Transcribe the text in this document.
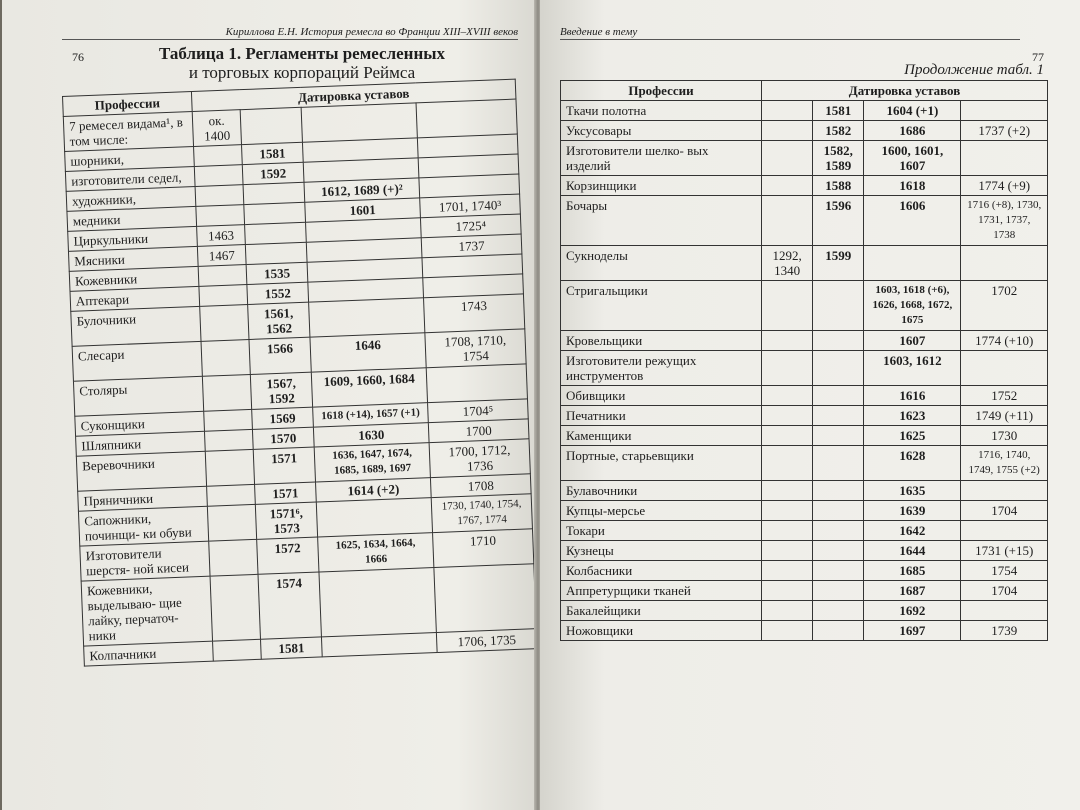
Кириллова Е.Н. История ремесла во Франции XIII–XVIII веков
76	Таблица 1. Регламенты ремесленных
и торговых корпораций Реймса
Профессии	Датировка уставов			
7 ремесел видама¹, в том числе:	ок. 1400			
шорники,		1581		
изготовители седел,		1592		
художники,			1612, 1689 (+)²	
медники			1601	1701, 1740³
Циркульники	1463			1725⁴
Мясники	1467			1737
Кожевники		1535		
Аптекари		1552		
Булочники		1561, 1562		1743
Слесари		1566	1646	1708, 1710, 1754
Столяры		1567, 1592	1609, 1660, 1684	
Суконщики		1569	1618 (+14), 1657 (+1)	1704⁵
Шляпники		1570	1630	1700
Веревочники		1571	1636, 1647, 1674, 1685, 1689, 1697	1700, 1712, 1736
Пряничники		1571	1614 (+2)	1708
Сапожники, починщи- ки обуви		1571⁶, 1573		1730, 1740, 1754, 1767, 1774
Изготовители шерстя- ной кисеи		1572	1625, 1634, 1664, 1666	1710
Кожевники, выделываю- щие лайку, перчаточ- ники		1574		
Колпачники		1581		1706, 1735
Введение в тему
77
Продолжение табл. 1
Профессии	Датировка уставов			
Ткачи полотна		1581	1604 (+1)	
Уксусовары		1582	1686	1737 (+2)
Изготовители шелко- вых изделий		1582, 1589	1600, 1601, 1607	
Корзинщики		1588	1618	1774 (+9)
Бочары		1596	1606	1716 (+8), 1730, 1731, 1737, 1738
Сукноделы	1292, 1340	1599		
Стригальщики			1603, 1618 (+6), 1626, 1668, 1672, 1675	1702
Кровельщики			1607	1774 (+10)
Изготовители режущих инструментов			1603, 1612	
Обивщики			1616	1752
Печатники			1623	1749 (+11)
Каменщики			1625	1730
Портные, старьевщики			1628	1716, 1740, 1749, 1755 (+2)
Булавочники			1635	
Купцы-мерсье			1639	1704
Токари			1642	
Кузнецы			1644	1731 (+15)
Колбасники			1685	1754
Аппретурщики тканей			1687	1704
Бакалейщики			1692	
Ножовщики			1697	1739
